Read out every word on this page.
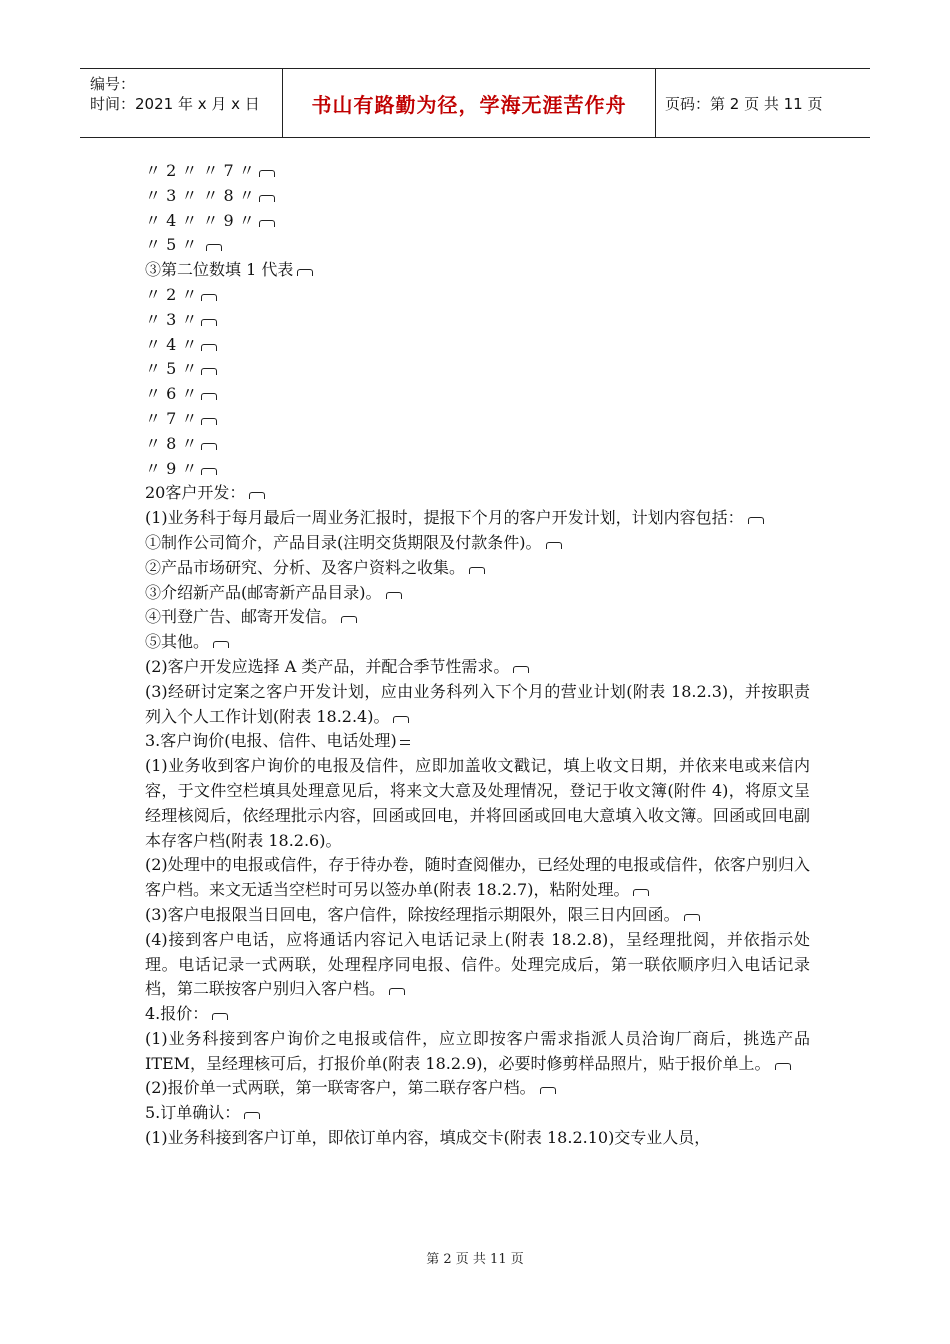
编号：
时间：2021 年 x 月 x 日	书山有路勤为径，学海无涯苦作舟	页码：第 2 页 共 11 页
〃 2 〃 〃 7 〃
〃 3 〃 〃 8 〃
〃 4 〃 〃 9 〃
〃 5 〃
③第二位数填 1 代表
〃 2 〃
〃 3 〃
〃 4 〃
〃 5 〃
〃 6 〃
〃 7 〃
〃 8 〃
〃 9 〃
20客户开发：
(1)业务科于每月最后一周业务汇报时，提报下个月的客户开发计划，计划内容包括：
①制作公司简介，产品目录(注明交货期限及付款条件)。
②产品市场研究、分析、及客户资料之收集。
③介绍新产品(邮寄新产品目录)。
④刊登广告、邮寄开发信。
⑤其他。
(2)客户开发应选择 A 类产品，并配合季节性需求。
(3)经研讨定案之客户开发计划，应由业务科列入下个月的营业计划(附表 18.2.3)，并按职责列入个人工作计划(附表 18.2.4)。
3.客户询价(电报、信件、电话处理)
(1)业务收到客户询价的电报及信件，应即加盖收文戳记，填上收文日期，并依来电或来信内容，于文件空栏填具处理意见后，将来文大意及处理情况，登记于收文簿(附件 4)，将原文呈经理核阅后，依经理批示内容，回函或回电，并将回函或回电大意填入收文簿。回函或回电副本存客户档(附表 18.2.6)。
(2)处理中的电报或信件，存于待办卷，随时查阅催办，已经处理的电报或信件，依客户别归入客户档。来文无适当空栏时可另以签办单(附表 18.2.7)，粘附处理。
(3)客户电报限当日回电，客户信件，除按经理指示期限外，限三日内回函。
(4)接到客户电话，应将通话内容记入电话记录上(附表 18.2.8)，呈经理批阅，并依指示处理。电话记录一式两联，处理程序同电报、信件。处理完成后，第一联依顺序归入电话记录档，第二联按客户别归入客户档。
4.报价：
(1)业务科接到客户询价之电报或信件，应立即按客户需求指派人员洽询厂商后，挑选产品 ITEM，呈经理核可后，打报价单(附表 18.2.9)，必要时修剪样品照片，贴于报价单上。
(2)报价单一式两联，第一联寄客户，第二联存客户档。
5.订单确认：
(1)业务科接到客户订单，即依订单内容，填成交卡(附表 18.2.10)交专业人员，
第 2 页 共 11 页
